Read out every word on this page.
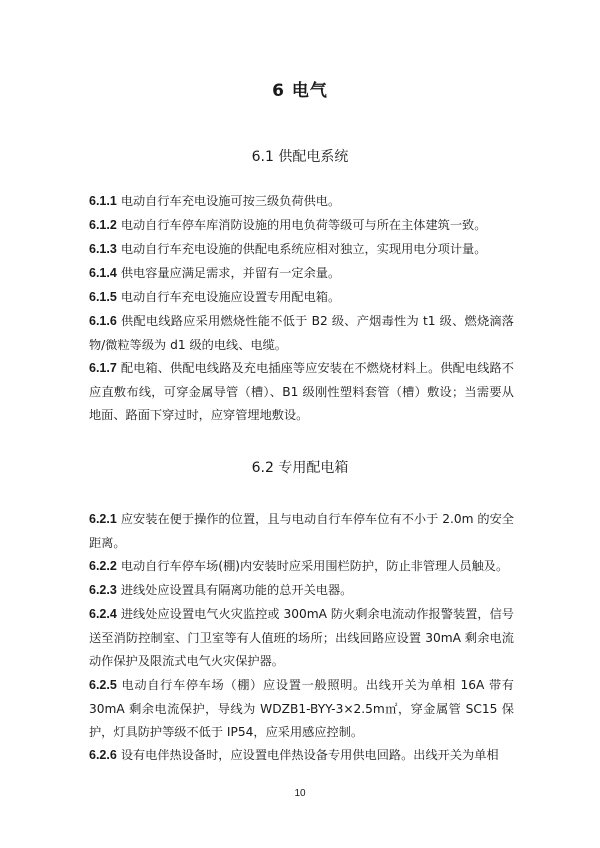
6 电气
6.1 供配电系统
6.1.1 电动自行车充电设施可按三级负荷供电。
6.1.2 电动自行车停车库消防设施的用电负荷等级可与所在主体建筑一致。
6.1.3 电动自行车充电设施的供配电系统应相对独立，实现用电分项计量。
6.1.4 供电容量应满足需求，并留有一定余量。
6.1.5 电动自行车充电设施应设置专用配电箱。
6.1.6 供配电线路应采用燃烧性能不低于 B2 级、产烟毒性为 t1 级、燃烧滴落物/微粒等级为 d1 级的电线、电缆。
6.1.7 配电箱、供配电线路及充电插座等应安装在不燃烧材料上。供配电线路不应直敷布线，可穿金属导管（槽）、B1 级刚性塑料套管（槽）敷设；当需要从地面、路面下穿过时，应穿管埋地敷设。
6.2 专用配电箱
6.2.1 应安装在便于操作的位置，且与电动自行车停车位有不小于 2.0m 的安全距离。
6.2.2 电动自行车停车场(棚)内安装时应采用围栏防护，防止非管理人员触及。
6.2.3 进线处应设置具有隔离功能的总开关电器。
6.2.4 进线处应设置电气火灾监控或 300mA 防火剩余电流动作报警装置，信号送至消防控制室、门卫室等有人值班的场所；出线回路应设置 30mA 剩余电流动作保护及限流式电气火灾保护器。
6.2.5 电动自行车停车场（棚）应设置一般照明。出线开关为单相 16A 带有 30mA 剩余电流保护，导线为 WDZB1-BYY-3×2.5m㎡，穿金属管 SC15 保护，灯具防护等级不低于 IP54，应采用感应控制。
6.2.6 设有电伴热设备时，应设置电伴热设备专用供电回路。出线开关为单相
10
